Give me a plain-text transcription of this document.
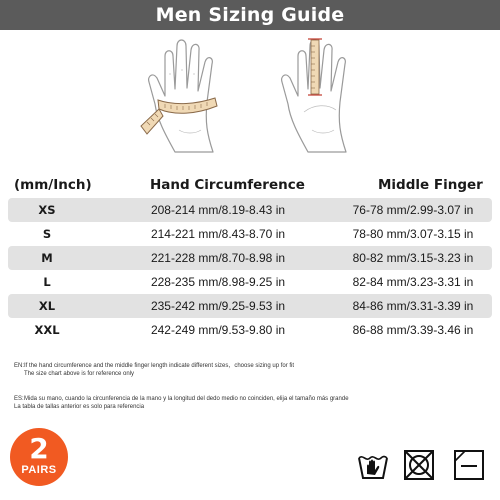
Men Sizing Guide
(mm/Inch)	Hand Circumference	Middle Finger
XS	208-214 mm/8.19-8.43 in	76-78 mm/2.99-3.07 in
S	214-221 mm/8.43-8.70 in	78-80 mm/3.07-3.15 in
M	221-228 mm/8.70-8.98 in	80-82 mm/3.15-3.23 in
L	228-235 mm/8.98-9.25 in	82-84 mm/3.23-3.31 in
XL	235-242 mm/9.25-9.53 in	84-86 mm/3.31-3.39 in
XXL	242-249 mm/9.53-9.80 in	86-88 mm/3.39-3.46 in
EN: If the hand circumference and the middle finger length indicate different sizes，choose sizing up for fit
The size chart above is for reference only
ES: Mida su mano, cuando la circunferencia de la mano y la longitud del dedo medio no coinciden, elija el tamaño más grande
La tabla de tallas anterior es solo para referencia
2
PAIRS
